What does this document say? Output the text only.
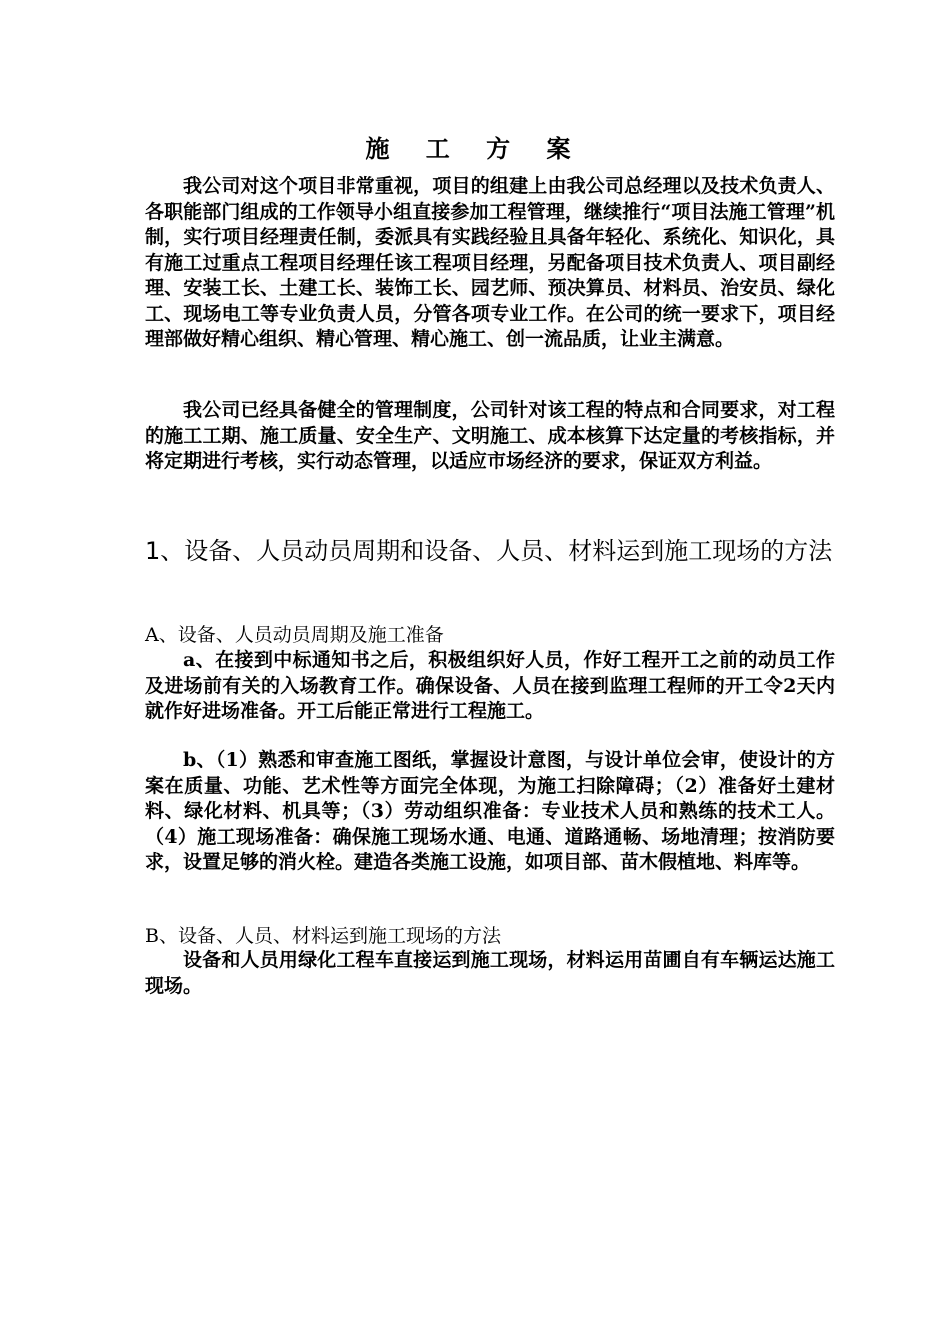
施 工 方 案
我公司对这个项目非常重视，项目的组建上由我公司总经理以及技术负责人、各职能部门组成的工作领导小组直接参加工程管理，继续推行“项目法施工管理”机制，实行项目经理责任制，委派具有实践经验且具备年轻化、系统化、知识化，具有施工过重点工程项目经理任该工程项目经理，另配备项目技术负责人、项目副经理、安装工长、土建工长、装饰工长、园艺师、预决算员、材料员、治安员、绿化工、现场电工等专业负责人员，分管各项专业工作。在公司的统一要求下，项目经理部做好精心组织、精心管理、精心施工、创一流品质，让业主满意。
我公司已经具备健全的管理制度，公司针对该工程的特点和合同要求，对工程的施工工期、施工质量、安全生产、文明施工、成本核算下达定量的考核指标，并将定期进行考核，实行动态管理，以适应市场经济的要求，保证双方利益。
1、设备、人员动员周期和设备、人员、材料运到施工现场的方法
A、设备、人员动员周期及施工准备
a、在接到中标通知书之后，积极组织好人员，作好工程开工之前的动员工作及进场前有关的入场教育工作。确保设备、人员在接到监理工程师的开工令2天内就作好进场准备。开工后能正常进行工程施工。
b、（1）熟悉和审查施工图纸，掌握设计意图，与设计单位会审，使设计的方案在质量、功能、艺术性等方面完全体现，为施工扫除障碍；（2）准备好土建材料、绿化材料、机具等；（3）劳动组织准备：专业技术人员和熟练的技术工人。（4）施工现场准备：确保施工现场水通、电通、道路通畅、场地清理；按消防要求，设置足够的消火栓。建造各类施工设施，如项目部、苗木假植地、料库等。
B、设备、人员、材料运到施工现场的方法
设备和人员用绿化工程车直接运到施工现场，材料运用苗圃自有车辆运达施工现场。
